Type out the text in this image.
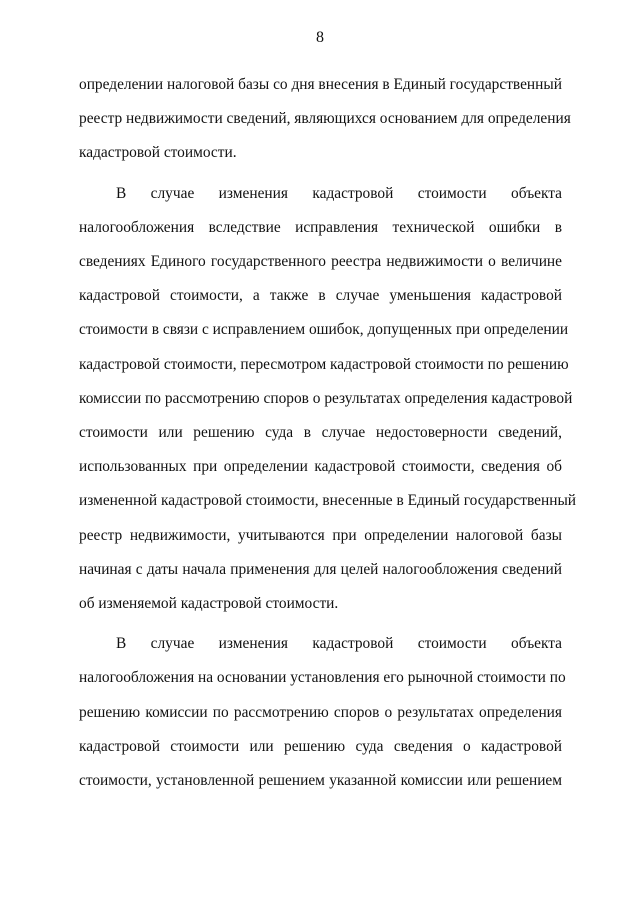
8
определении налоговой базы со дня внесения в Единый государственный
реестр недвижимости сведений, являющихся основанием для определения
кадастровой стоимости.
В случае изменения кадастровой стоимости объекта
налогообложения вследствие исправления технической ошибки в
сведениях Единого государственного реестра недвижимости о величине
кадастровой стоимости, а также в случае уменьшения кадастровой
стоимости в связи с исправлением ошибок, допущенных при определении
кадастровой стоимости, пересмотром кадастровой стоимости по решению
комиссии по рассмотрению споров о результатах определения кадастровой
стоимости или решению суда в случае недостоверности сведений,
использованных при определении кадастровой стоимости, сведения об
измененной кадастровой стоимости, внесенные в Единый государственный
реестр недвижимости, учитываются при определении налоговой базы
начиная с даты начала применения для целей налогообложения сведений
об изменяемой кадастровой стоимости.
В случае изменения кадастровой стоимости объекта
налогообложения на основании установления его рыночной стоимости по
решению комиссии по рассмотрению споров о результатах определения
кадастровой стоимости или решению суда сведения о кадастровой
стоимости, установленной решением указанной комиссии или решением
